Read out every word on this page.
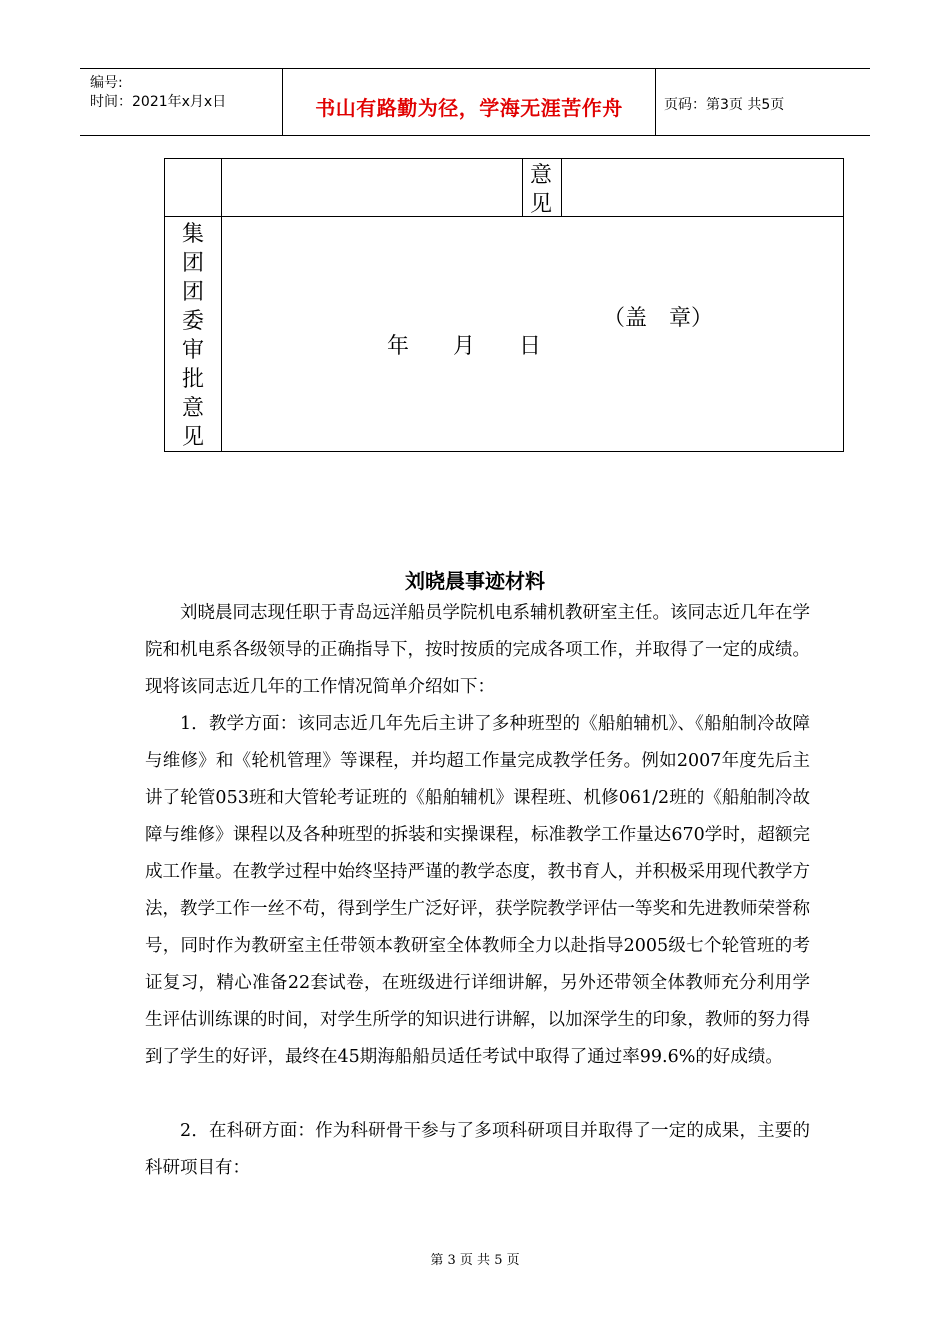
编号:
时间：2021年x月x日	书山有路勤为径，学海无涯苦作舟	页码：第3页 共5页
意见
集团团委审批意见
（盖　章）
年　　月　　日
刘晓晨事迹材料

刘晓晨同志现任职于青岛远洋船员学院机电系辅机教研室主任。该同志近几年在学院和机电系各级领导的正确指导下，按时按质的完成各项工作，并取得了一定的成绩。现将该同志近几年的工作情况简单介绍如下：

1．教学方面：该同志近几年先后主讲了多种班型的《船舶辅机》、《船舶制冷故障与维修》和《轮机管理》等课程，并均超工作量完成教学任务。例如2007年度先后主讲了轮管053班和大管轮考证班的《船舶辅机》课程班、机修061/2班的《船舶制冷故障与维修》课程以及各种班型的拆装和实操课程，标准教学工作量达670学时，超额完成工作量。在教学过程中始终坚持严谨的教学态度，教书育人，并积极采用现代教学方法，教学工作一丝不苟，得到学生广泛好评，获学院教学评估一等奖和先进教师荣誉称号，同时作为教研室主任带领本教研室全体教师全力以赴指导2005级七个轮管班的考证复习，精心准备22套试卷，在班级进行详细讲解，另外还带领全体教师充分利用学生评估训练课的时间，对学生所学的知识进行讲解，以加深学生的印象，教师的努力得到了学生的好评，最终在45期海船船员适任考试中取得了通过率99.6%的好成绩。

2．在科研方面：作为科研骨干参与了多项科研项目并取得了一定的成果，主要的科研项目有：

第 3 页 共 5 页
